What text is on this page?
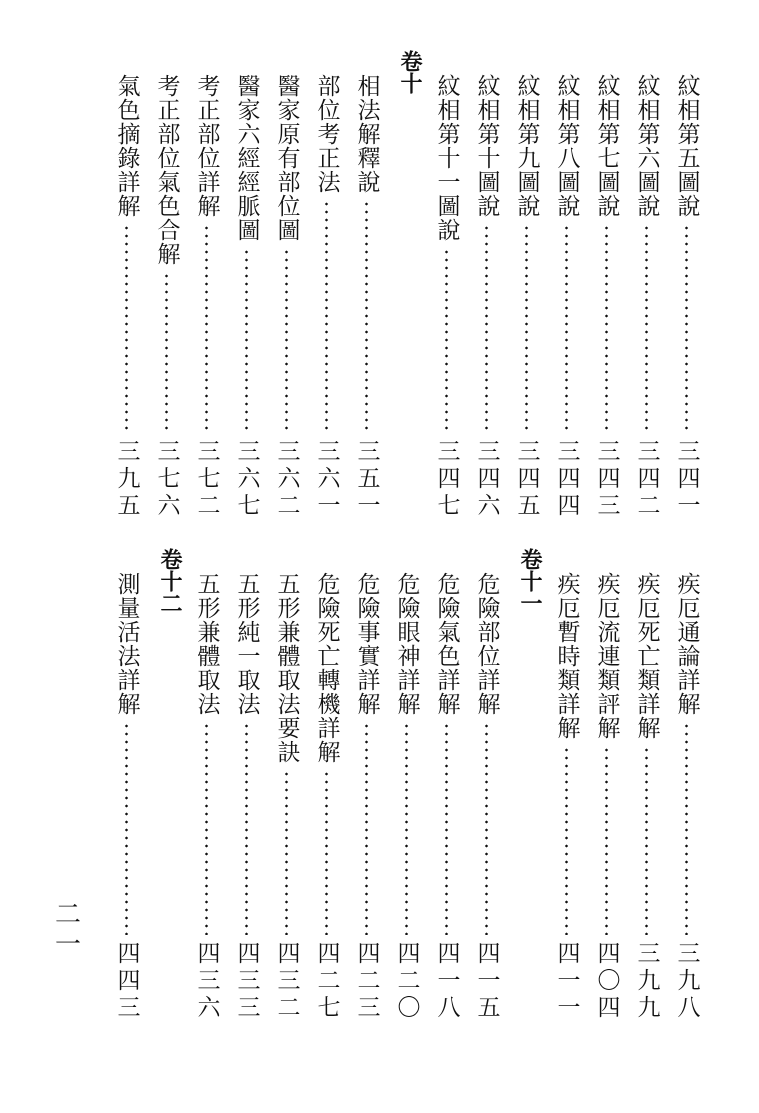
紋相第五圖說
三四一
紋相第六圖說
三四二
紋相第七圖說
三四三
紋相第八圖說
三四四
紋相第九圖說
三四五
紋相第十圖說
三四六
紋相第十一圖說
三四七
卷十
相法解釋說
三五一
部位考正法
三六一
醫家原有部位圖
三六二
醫家六經經脈圖
三六七
考正部位詳解
三七二
考正部位氣色合解
三七六
氣色摘錄詳解
三九五
疾厄通論詳解
三九八
疾厄死亡類詳解
三九九
疾厄流連類評解
四〇四
疾厄暫時類詳解
四一一
卷十一
危險部位詳解
四一五
危險氣色詳解
四一八
危險眼神詳解
四二〇
危險事實詳解
四二三
危險死亡轉機詳解
四二七
五形兼體取法要訣
四三二
五形純一取法
四三三
五形兼體取法
四三六
卷十二
測量活法詳解
四四三
二一
